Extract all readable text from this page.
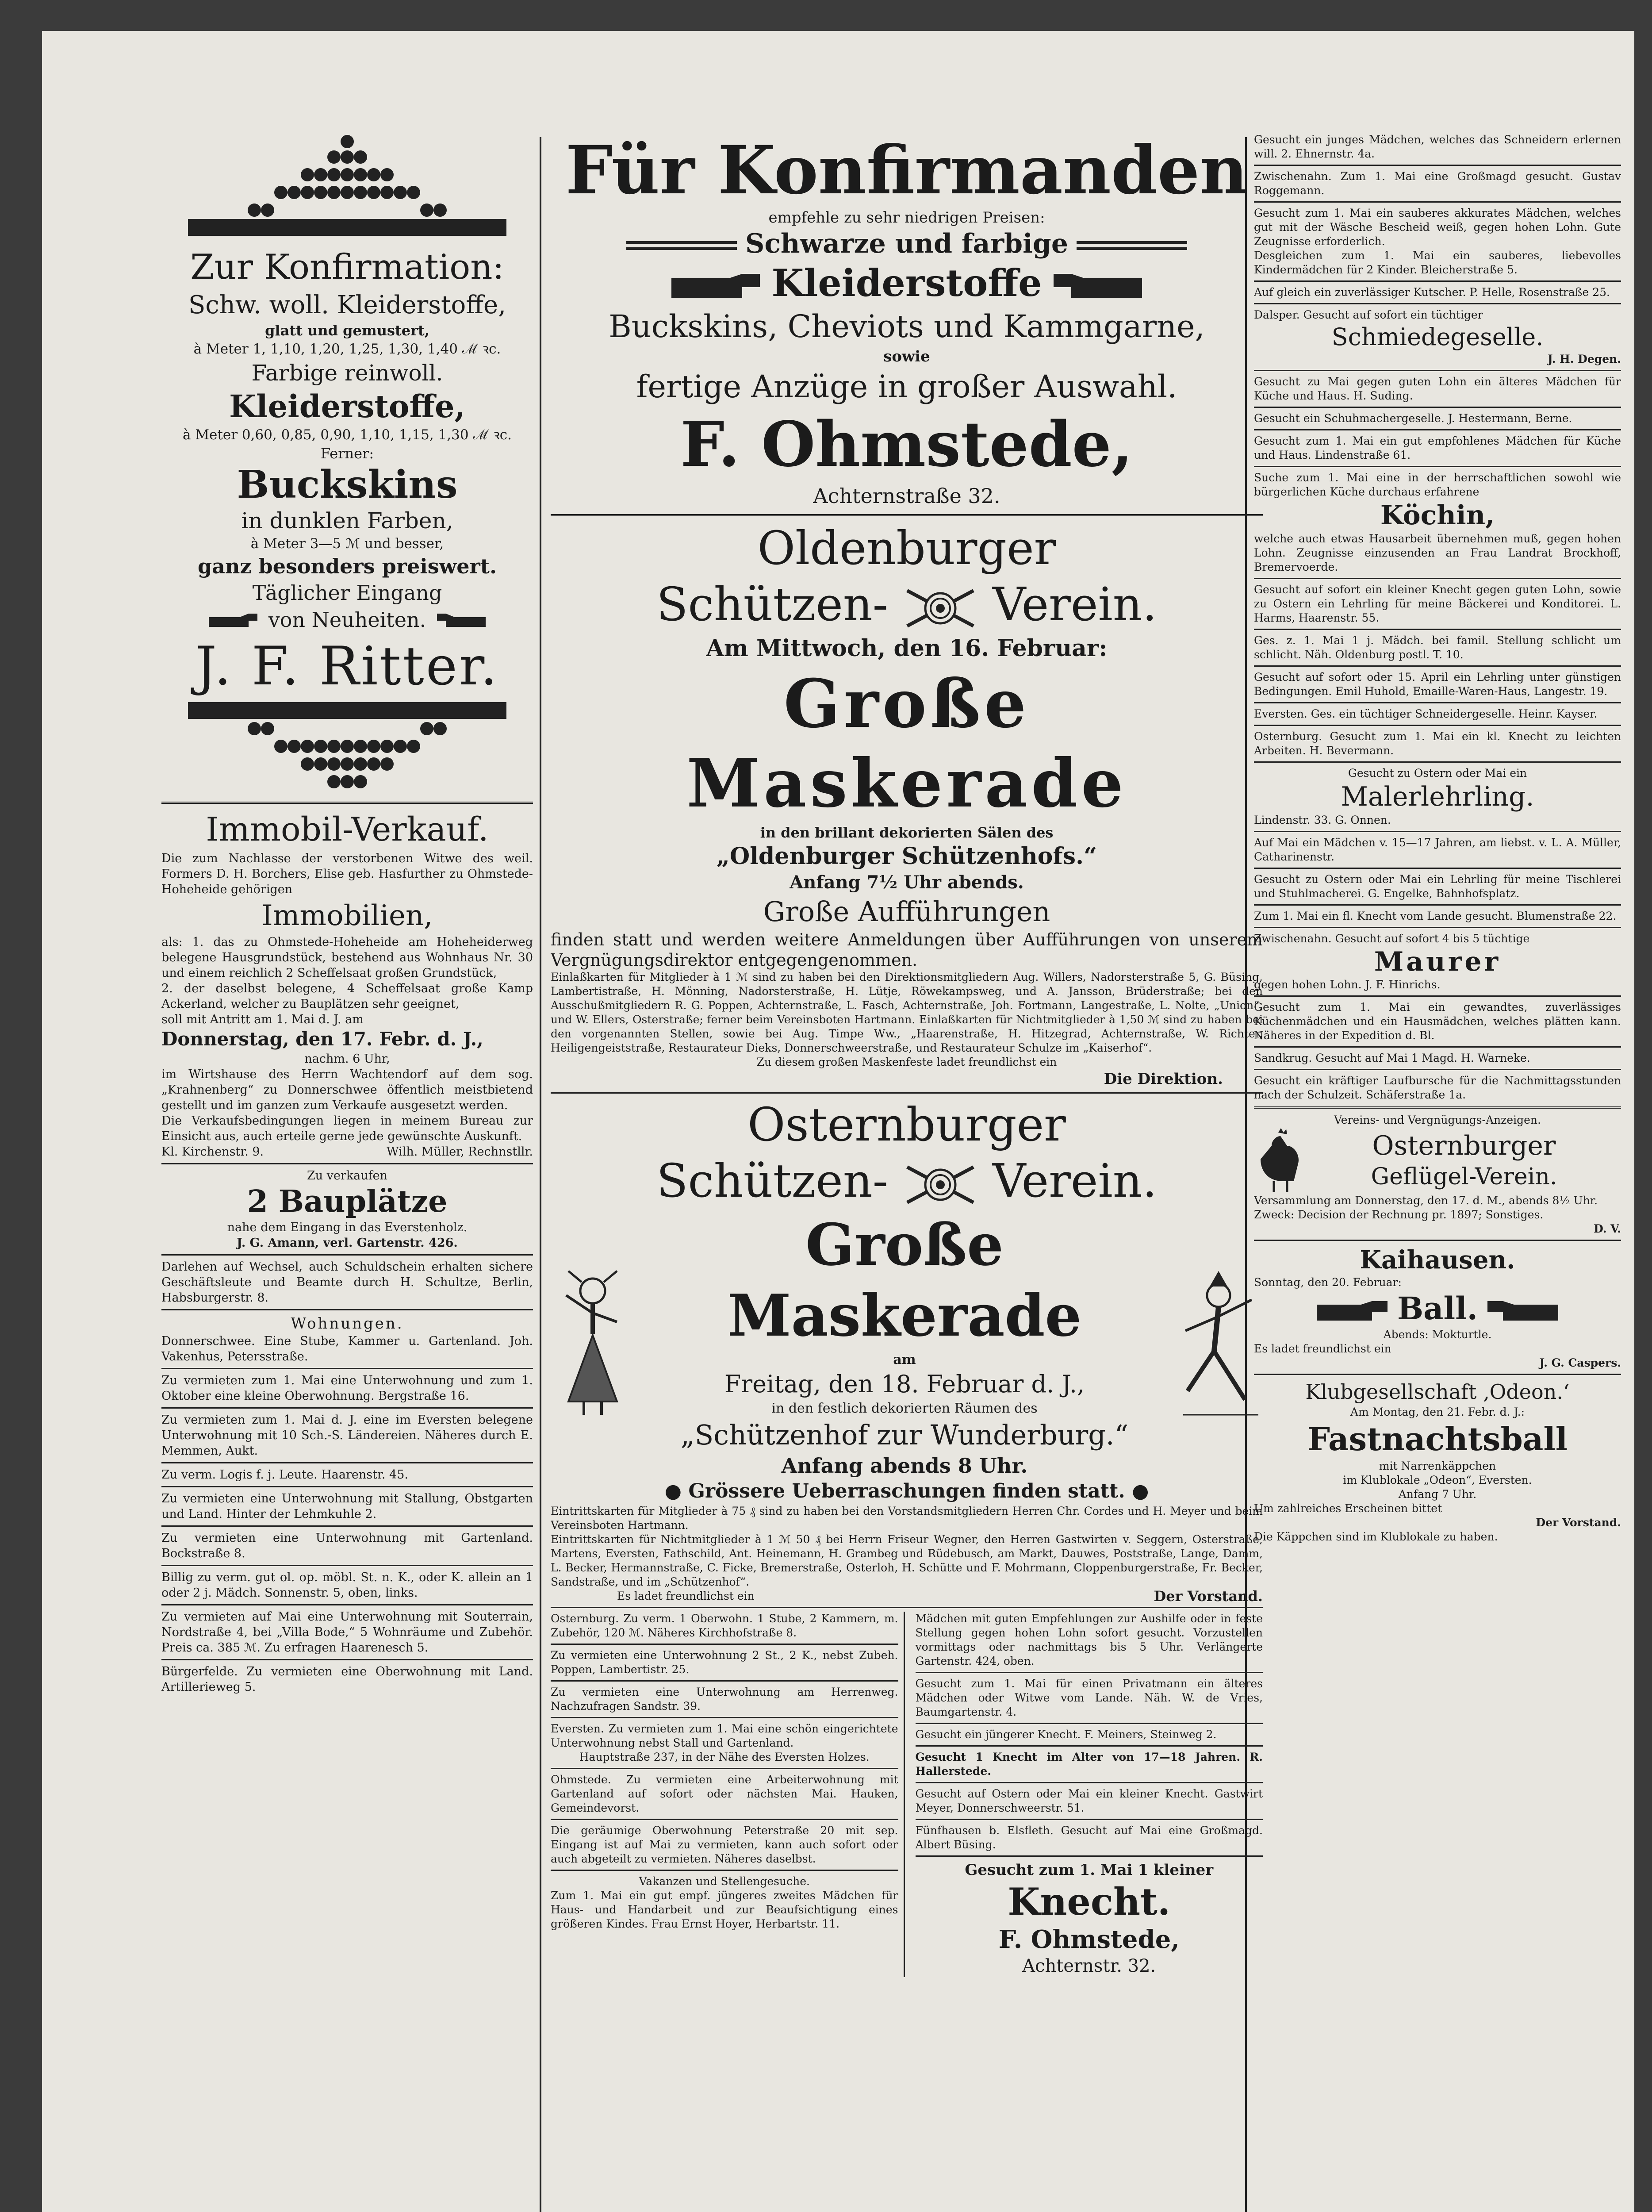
Zur Konfirmation:
Schw. woll. Kleiderstoffe,
glatt und gemustert,
à Meter 1, 1,10, 1,20, 1,25, 1,30, 1,40 ℳ ꝛc.
Farbige reinwoll.
Kleiderstoffe,
à Meter 0,60, 0,85, 0,90, 1,10, 1,15, 1,30 ℳ ꝛc.
Ferner:
Buckskins
in dunklen Farben,
à Meter 3—5 ℳ und besser,
ganz besonders preiswert.
Täglicher Eingang
von Neuheiten.
J. F. Ritter.
Immobil-Verkauf.

Die zum Nachlasse der verstorbenen Witwe des weil. Formers D. H. Borchers, Elise geb. Hasfurther zu Ohmstede-Hoheheide gehörigen

Immobilien,

als: 1. das zu Ohmstede-Hoheheide am Hoheheiderweg belegene Hausgrundstück, bestehend aus Wohnhaus Nr. 30 und einem reichlich 2 Scheffelsaat großen Grundstück,

2. der daselbst belegene, 4 Scheffelsaat große Kamp Ackerland, welcher zu Bauplätzen sehr geeignet,

soll mit Antritt am 1. Mai d. J. am

Donnerstag, den 17. Febr. d. J.,

nachm. 6 Uhr,

im Wirtshause des Herrn Wachtendorf auf dem sog. „Krahnenberg“ zu Donnerschwee öffentlich meistbietend gestellt und im ganzen zum Verkaufe ausgesetzt werden.

Die Verkaufsbedingungen liegen in meinem Bureau zur Einsicht aus, auch erteile gerne jede gewünschte Auskunft.

Kl. Kirchenstr. 9.	Wilh. Müller, Rechnstllr.

Zu verkaufen

2 Bauplätze

nahe dem Eingang in das Everstenholz.

J. G. Amann, verl. Gartenstr. 426.

Darlehen auf Wechsel, auch Schuldschein erhalten sichere Geschäftsleute und Beamte durch H. Schultze, Berlin, Habsburgerstr. 8.

Wohnungen.

Donnerschwee. Eine Stube, Kammer u. Gartenland. Joh. Vakenhus, Petersstraße.

Zu vermieten zum 1. Mai eine Unterwohnung und zum 1. Oktober eine kleine Oberwohnung. Bergstraße 16.

Zu vermieten zum 1. Mai d. J. eine im Eversten belegene Unterwohnung mit 10 Sch.-S. Ländereien. Näheres durch E. Memmen, Aukt.

Zu verm. Logis f. j. Leute. Haarenstr. 45.

Zu vermieten eine Unterwohnung mit Stallung, Obstgarten und Land. Hinter der Lehmkuhle 2.

Zu vermieten eine Unterwohnung mit Gartenland. Bockstraße 8.

Billig zu verm. gut ol. op. möbl. St. n. K., oder K. allein an 1 oder 2 j. Mädch. Sonnenstr. 5, oben, links.

Zu vermieten auf Mai eine Unterwohnung mit Souterrain, Nordstraße 4, bei „Villa Bode,“ 5 Wohnräume und Zubehör. Preis ca. 385 ℳ. Zu erfragen Haarenesch 5.

Bürgerfelde. Zu vermieten eine Oberwohnung mit Land. Artillerieweg 5.

Für Konfirmanden
empfehle zu sehr niedrigen Preisen:
Schwarze und farbige
Kleiderstoffe
Buckskins, Cheviots und Kammgarne,
sowie
fertige Anzüge in großer Auswahl.
F. Ohmstede,
Achternstraße 32.
Oldenburger
Schützen- Verein.
Am Mittwoch, den 16. Februar:
Große Maskerade
in den brillant dekorierten Sälen des
„Oldenburger Schützenhofs.“
Anfang 7½ Uhr abends.
Große Aufführungen

finden statt und werden weitere Anmeldungen über Aufführungen von unserem Vergnügungsdirektor entgegengenommen.

Einlaßkarten für Mitglieder à 1 ℳ sind zu haben bei den Direktionsmitgliedern Aug. Willers, Nadorsterstraße 5, G. Büsing, Lambertistraße, H. Mönning, Nadorsterstraße, H. Lütje, Röwekampsweg, und A. Jansson, Brüderstraße; bei den Ausschußmitgliedern R. G. Poppen, Achternstraße, L. Fasch, Achternstraße, Joh. Fortmann, Langestraße, L. Nolte, „Union“, und W. Ellers, Osterstraße; ferner beim Vereinsboten Hartmann. Einlaßkarten für Nichtmitglieder à 1,50 ℳ sind zu haben bei den vorgenannten Stellen, sowie bei Aug. Timpe Ww., „Haarenstraße, H. Hitzegrad, Achternstraße, W. Richter, Heiligengeiststraße, Restaurateur Dieks, Donnerschweerstraße, und Restaurateur Schulze im „Kaiserhof“.

Zu diesem großen Maskenfeste ladet freundlichst ein

Die Direktion.

Osternburger
Schützen- Verein.
Große Maskerade
am
Freitag, den 18. Februar d. J.,
in den festlich dekorierten Räumen des
„Schützenhof zur Wunderburg.“
Anfang abends 8 Uhr.
● Grössere Ueberraschungen finden statt. ●

Eintrittskarten für Mitglieder à 75 ₰ sind zu haben bei den Vorstandsmitgliedern Herren Chr. Cordes und H. Meyer und beim Vereinsboten Hartmann.

Eintrittskarten für Nichtmitglieder à 1 ℳ 50 ₰ bei Herrn Friseur Wegner, den Herren Gastwirten v. Seggern, Osterstraße, Martens, Eversten, Fathschild, Ant. Heinemann, H. Grambeg und Rüdebusch, am Markt, Dauwes, Poststraße, Lange, Damm, L. Becker, Hermannstraße, C. Ficke, Bremerstraße, Osterloh, H. Schütte und F. Mohrmann, Cloppenburgerstraße, Fr. Becker, Sandstraße, und im „Schützenhof“.

Es ladet freundlichst ein	Der Vorstand.

Osternburg. Zu verm. 1 Oberwohn. 1 Stube, 2 Kammern, m. Zubehör, 120 ℳ. Näheres Kirchhofstraße 8.

Zu vermieten eine Unterwohnung 2 St., 2 K., nebst Zubeh. Poppen, Lambertistr. 25.

Zu vermieten eine Unterwohnung am Herrenweg. Nachzufragen Sandstr. 39.

Eversten. Zu vermieten zum 1. Mai eine schön eingerichtete Unterwohnung nebst Stall und Gartenland.

Hauptstraße 237, in der Nähe des Eversten Holzes.

Ohmstede. Zu vermieten eine Arbeiterwohnung mit Gartenland auf sofort oder nächsten Mai. Hauken, Gemeindevorst.

Die geräumige Oberwohnung Peterstraße 20 mit sep. Eingang ist auf Mai zu vermieten, kann auch sofort oder auch abgeteilt zu vermieten. Näheres daselbst.

Vakanzen und Stellengesuche.

Zum 1. Mai ein gut empf. jüngeres zweites Mädchen für Haus- und Handarbeit und zur Beaufsichtigung eines größeren Kindes. Frau Ernst Hoyer, Herbartstr. 11.

Mädchen mit guten Empfehlungen zur Aushilfe oder in feste Stellung gegen hohen Lohn sofort gesucht. Vorzustellen vormittags oder nachmittags bis 5 Uhr. Verlängerte Gartenstr. 424, oben.

Gesucht zum 1. Mai für einen Privatmann ein älteres Mädchen oder Witwe vom Lande. Näh. W. de Vries, Baumgartenstr. 4.

Gesucht ein jüngerer Knecht. F. Meiners, Steinweg 2.

Gesucht 1 Knecht im Alter von 17—18 Jahren. R. Hallerstede.

Gesucht auf Ostern oder Mai ein kleiner Knecht. Gastwirt Meyer, Donnerschweerstr. 51.

Fünfhausen b. Elsfleth. Gesucht auf Mai eine Großmagd. Albert Büsing.

Gesucht zum 1. Mai 1 kleiner

Knecht.

F. Ohmstede,

Achternstr. 32.

Gesucht ein junges Mädchen, welches das Schneidern erlernen will. 2. Ehnernstr. 4a.

Zwischenahn. Zum 1. Mai eine Großmagd gesucht. Gustav Roggemann.

Gesucht zum 1. Mai ein sauberes akkurates Mädchen, welches gut mit der Wäsche Bescheid weiß, gegen hohen Lohn. Gute Zeugnisse erforderlich.

Desgleichen zum 1. Mai ein sauberes, liebevolles Kindermädchen für 2 Kinder. Bleicherstraße 5.

Auf gleich ein zuverlässiger Kutscher. P. Helle, Rosenstraße 25.

Dalsper. Gesucht auf sofort ein tüchtiger

Schmiedegeselle.

J. H. Degen.

Gesucht zu Mai gegen guten Lohn ein älteres Mädchen für Küche und Haus. H. Suding.

Gesucht ein Schuhmachergeselle. J. Hestermann, Berne.

Gesucht zum 1. Mai ein gut empfohlenes Mädchen für Küche und Haus. Lindenstraße 61.

Suche zum 1. Mai eine in der herrschaftlichen sowohl wie bürgerlichen Küche durchaus erfahrene

Köchin,

welche auch etwas Hausarbeit übernehmen muß, gegen hohen Lohn. Zeugnisse einzusenden an Frau Landrat Brockhoff, Bremervoerde.

Gesucht auf sofort ein kleiner Knecht gegen guten Lohn, sowie zu Ostern ein Lehrling für meine Bäckerei und Konditorei. L. Harms, Haarenstr. 55.

Ges. z. 1. Mai 1 j. Mädch. bei famil. Stellung schlicht um schlicht. Näh. Oldenburg postl. T. 10.

Gesucht auf sofort oder 15. April ein Lehrling unter günstigen Bedingungen. Emil Huhold, Emaille-Waren-Haus, Langestr. 19.

Eversten. Ges. ein tüchtiger Schneidergeselle. Heinr. Kayser.

Osternburg. Gesucht zum 1. Mai ein kl. Knecht zu leichten Arbeiten. H. Bevermann.

Gesucht zu Ostern oder Mai ein

Malerlehrling.

Lindenstr. 33. G. Onnen.

Auf Mai ein Mädchen v. 15—17 Jahren, am liebst. v. L. A. Müller, Catharinenstr.

Gesucht zu Ostern oder Mai ein Lehrling für meine Tischlerei und Stuhlmacherei. G. Engelke, Bahnhofsplatz.

Zum 1. Mai ein fl. Knecht vom Lande gesucht. Blumenstraße 22.

Zwischenahn. Gesucht auf sofort 4 bis 5 tüchtige

Maurer

gegen hohen Lohn. J. F. Hinrichs.

Gesucht zum 1. Mai ein gewandtes, zuverlässiges Küchenmädchen und ein Hausmädchen, welches plätten kann. Näheres in der Expedition d. Bl.

Sandkrug. Gesucht auf Mai 1 Magd. H. Warneke.

Gesucht ein kräftiger Laufbursche für die Nachmittagsstunden nach der Schulzeit. Schäferstraße 1a.

Vereins- und Vergnügungs-Anzeigen.

Osternburger

Geflügel-Verein.

Versammlung am Donnerstag, den 17. d. M., abends 8½ Uhr.

Zweck: Decision der Rechnung pr. 1897; Sonstiges.

D. V.

Kaihausen.

Sonntag, den 20. Februar:

Ball.

Abends: Mokturtle.

Es ladet freundlichst ein

J. G. Caspers.

Klubgesellschaft ‚Odeon.‘

Am Montag, den 21. Febr. d. J.:

Fastnachtsball

mit Narrenkäppchen

im Klublokale „Odeon“, Eversten.

Anfang 7 Uhr.

Um zahlreiches Erscheinen bittet

Der Vorstand.

Die Käppchen sind im Klublokale zu haben.
